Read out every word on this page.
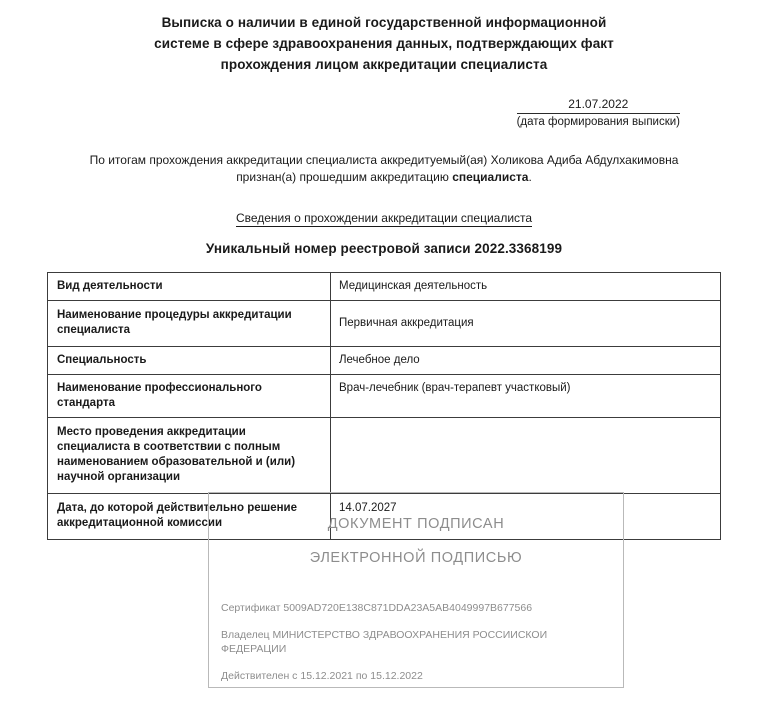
Выписка о наличии в единой государственной информационной системе в сфере здравоохранения данных, подтверждающих факт прохождения лицом аккредитации специалиста
21.07.2022
(дата формирования выписки)

По итогам прохождения аккредитации специалиста аккредитуемый(ая) Холикова Адиба Абдулхакимовна признан(а) прошедшим аккредитацию специалиста.

Сведения о прохождении аккредитации специалиста

Уникальный номер реестровой записи 2022.3368199

Вид деятельности	Медицинская деятельность
Наименование процедуры аккредитации специалиста	Первичная аккредитация
Специальность	Лечебное дело
Наименование профессионального стандарта	Врач-лечебник (врач-терапевт участковый)
Место проведения аккредитации специалиста в соответствии с полным наименованием образовательной и (или) научной организации	
Дата, до которой действительно решение аккредитационной комиссии	14.07.2027
ДОКУМЕНТ ПОДПИСАН
ЭЛЕКТРОННОЙ ПОДПИСЬЮ

Сертификат 5009AD720E138C871DDA23A5AB4049997B677566

Владелец МИНИСТЕРСТВО ЗДРАВООХРАНЕНИЯ РОССИИСКОИ ФЕДЕРАЦИИ

Действителен с 15.12.2021 по 15.12.2022
